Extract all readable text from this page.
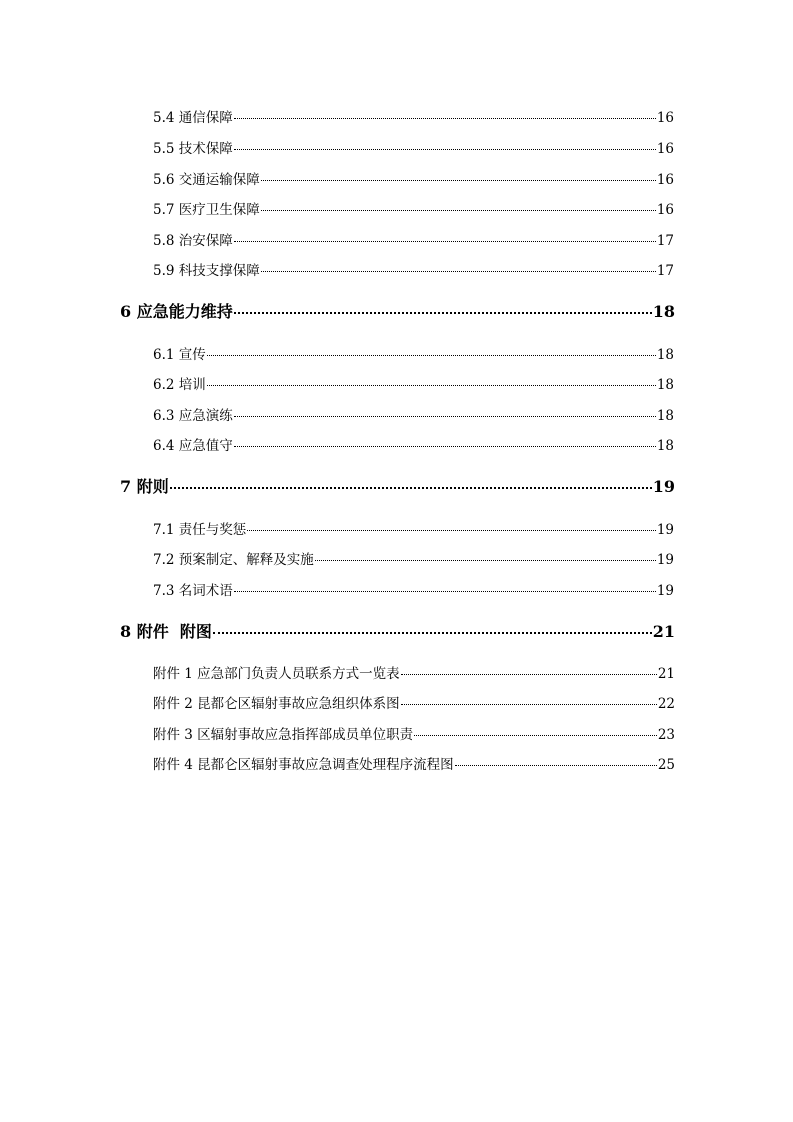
5.4 通信保障	16
5.5 技术保障	16
5.6 交通运输保障	16
5.7 医疗卫生保障	16
5.8 治安保障	17
5.9 科技支撑保障	17
6 应急能力维持	18
6.1 宣传	18
6.2 培训	18
6.3 应急演练	18
6.4 应急值守	18
7 附则	19
7.1 责任与奖惩	19
7.2 预案制定、解释及实施	19
7.3 名词术语	19
8 附件  附图	21
附件 1 应急部门负责人员联系方式一览表	21
附件 2 昆都仑区辐射事故应急组织体系图	22
附件 3 区辐射事故应急指挥部成员单位职责	23
附件 4 昆都仑区辐射事故应急调查处理程序流程图	25
